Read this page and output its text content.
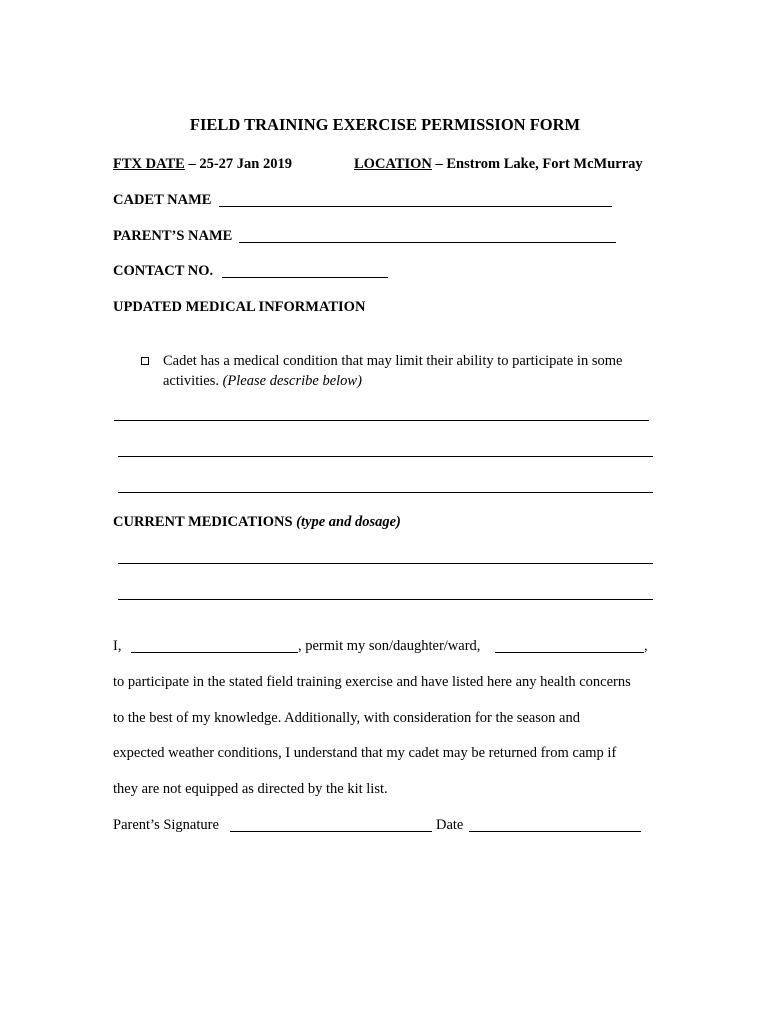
FIELD TRAINING EXERCISE PERMISSION FORM
FTX DATE – 25-27 Jan 2019	LOCATION – Enstrom Lake, Fort McMurray
CADET NAME
PARENT’S NAME
CONTACT NO.
UPDATED MEDICAL INFORMATION
Cadet has a medical condition that may limit their ability to participate in some
activities. (Please describe below)
CURRENT MEDICATIONS (type and dosage)
I,	, permit my son/daughter/ward,	,
to participate in the stated field training exercise and have listed here any health concerns
to the best of my knowledge. Additionally, with consideration for the season and
expected weather conditions, I understand that my cadet may be returned from camp if
they are not equipped as directed by the kit list.
Parent’s Signature	Date
